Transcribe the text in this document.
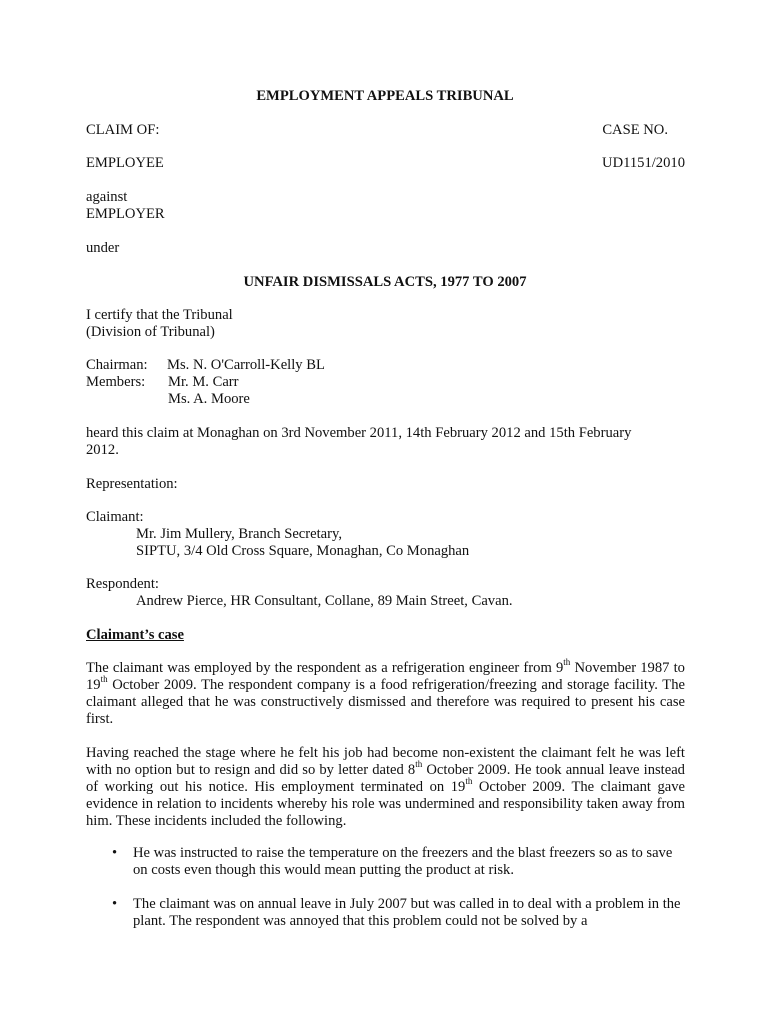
EMPLOYMENT APPEALS TRIBUNAL
CLAIM OF:	CASE NO.
EMPLOYEE	UD1151/2010
against
EMPLOYER
under
UNFAIR DISMISSALS ACTS, 1977 TO 2007
I certify that the Tribunal
(Division of Tribunal)
Chairman: Ms. N. O'Carroll-Kelly BL
Members: Mr. M. Carr
Ms. A. Moore
heard this claim at Monaghan on 3rd November 2011, 14th February 2012 and 15th February
2012.
Representation:
Claimant:
Mr. Jim Mullery, Branch Secretary,
SIPTU, 3/4 Old Cross Square, Monaghan, Co Monaghan
Respondent:
Andrew Pierce, HR Consultant, Collane, 89 Main Street, Cavan.
Claimant’s case
The claimant was employed by the respondent as a refrigeration engineer from 9th November 1987 to 19th October 2009. The respondent company is a food refrigeration/freezing and storage facility. The claimant alleged that he was constructively dismissed and therefore was required to present his case first.
Having reached the stage where he felt his job had become non-existent the claimant felt he was left with no option but to resign and did so by letter dated 8th October 2009. He took annual leave instead of working out his notice. His employment terminated on 19th October 2009. The claimant gave evidence in relation to incidents whereby his role was undermined and responsibility taken away from him. These incidents included the following.
• He was instructed to raise the temperature on the freezers and the blast freezers so as to save on costs even though this would mean putting the product at risk.
• The claimant was on annual leave in July 2007 but was called in to deal with a problem in the plant. The respondent was annoyed that this problem could not be solved by a
